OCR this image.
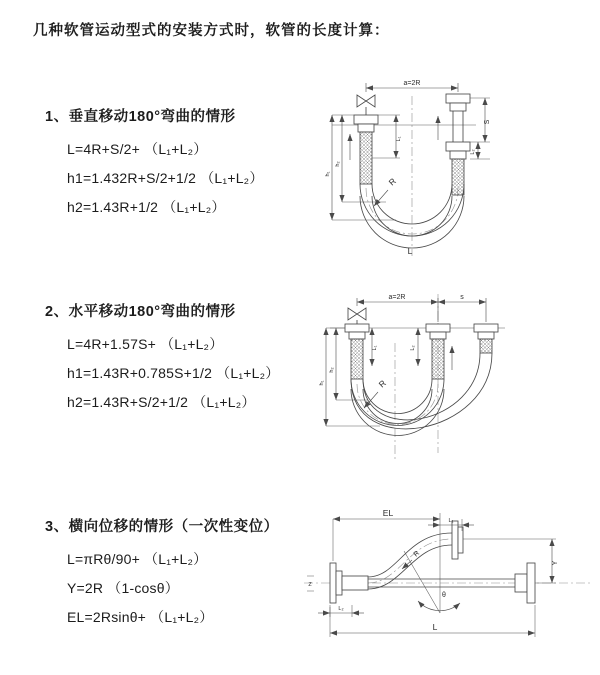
几种软管运动型式的安装方式时，软管的长度计算：
1、垂直移动180°弯曲的情形
L=4R+S/2+ （L₁+L₂）
h1=1.432R+S/2+1/2 （L₁+L₂）
h2=1.43R+1/2 （L₁+L₂）
2、水平移动180°弯曲的情形
L=4R+1.57S+ （L₁+L₂）
h1=1.43R+0.785S+1/2 （L₁+L₂）
h2=1.43R+S/2+1/2 （L₁+L₂）
3、横向位移的情形（一次性变位）
L=πRθ/90+ （L₁+L₂）
Y=2R （1-cosθ）
EL=2Rsinθ+ （L₁+L₂）
a=2R
L₁
S
L₂
h₂
h₁
R
L
a=2R	s
L₁	L₂
h₂
h₁	R
Z
L₂
EL
L₁
Y
L
R
θ
